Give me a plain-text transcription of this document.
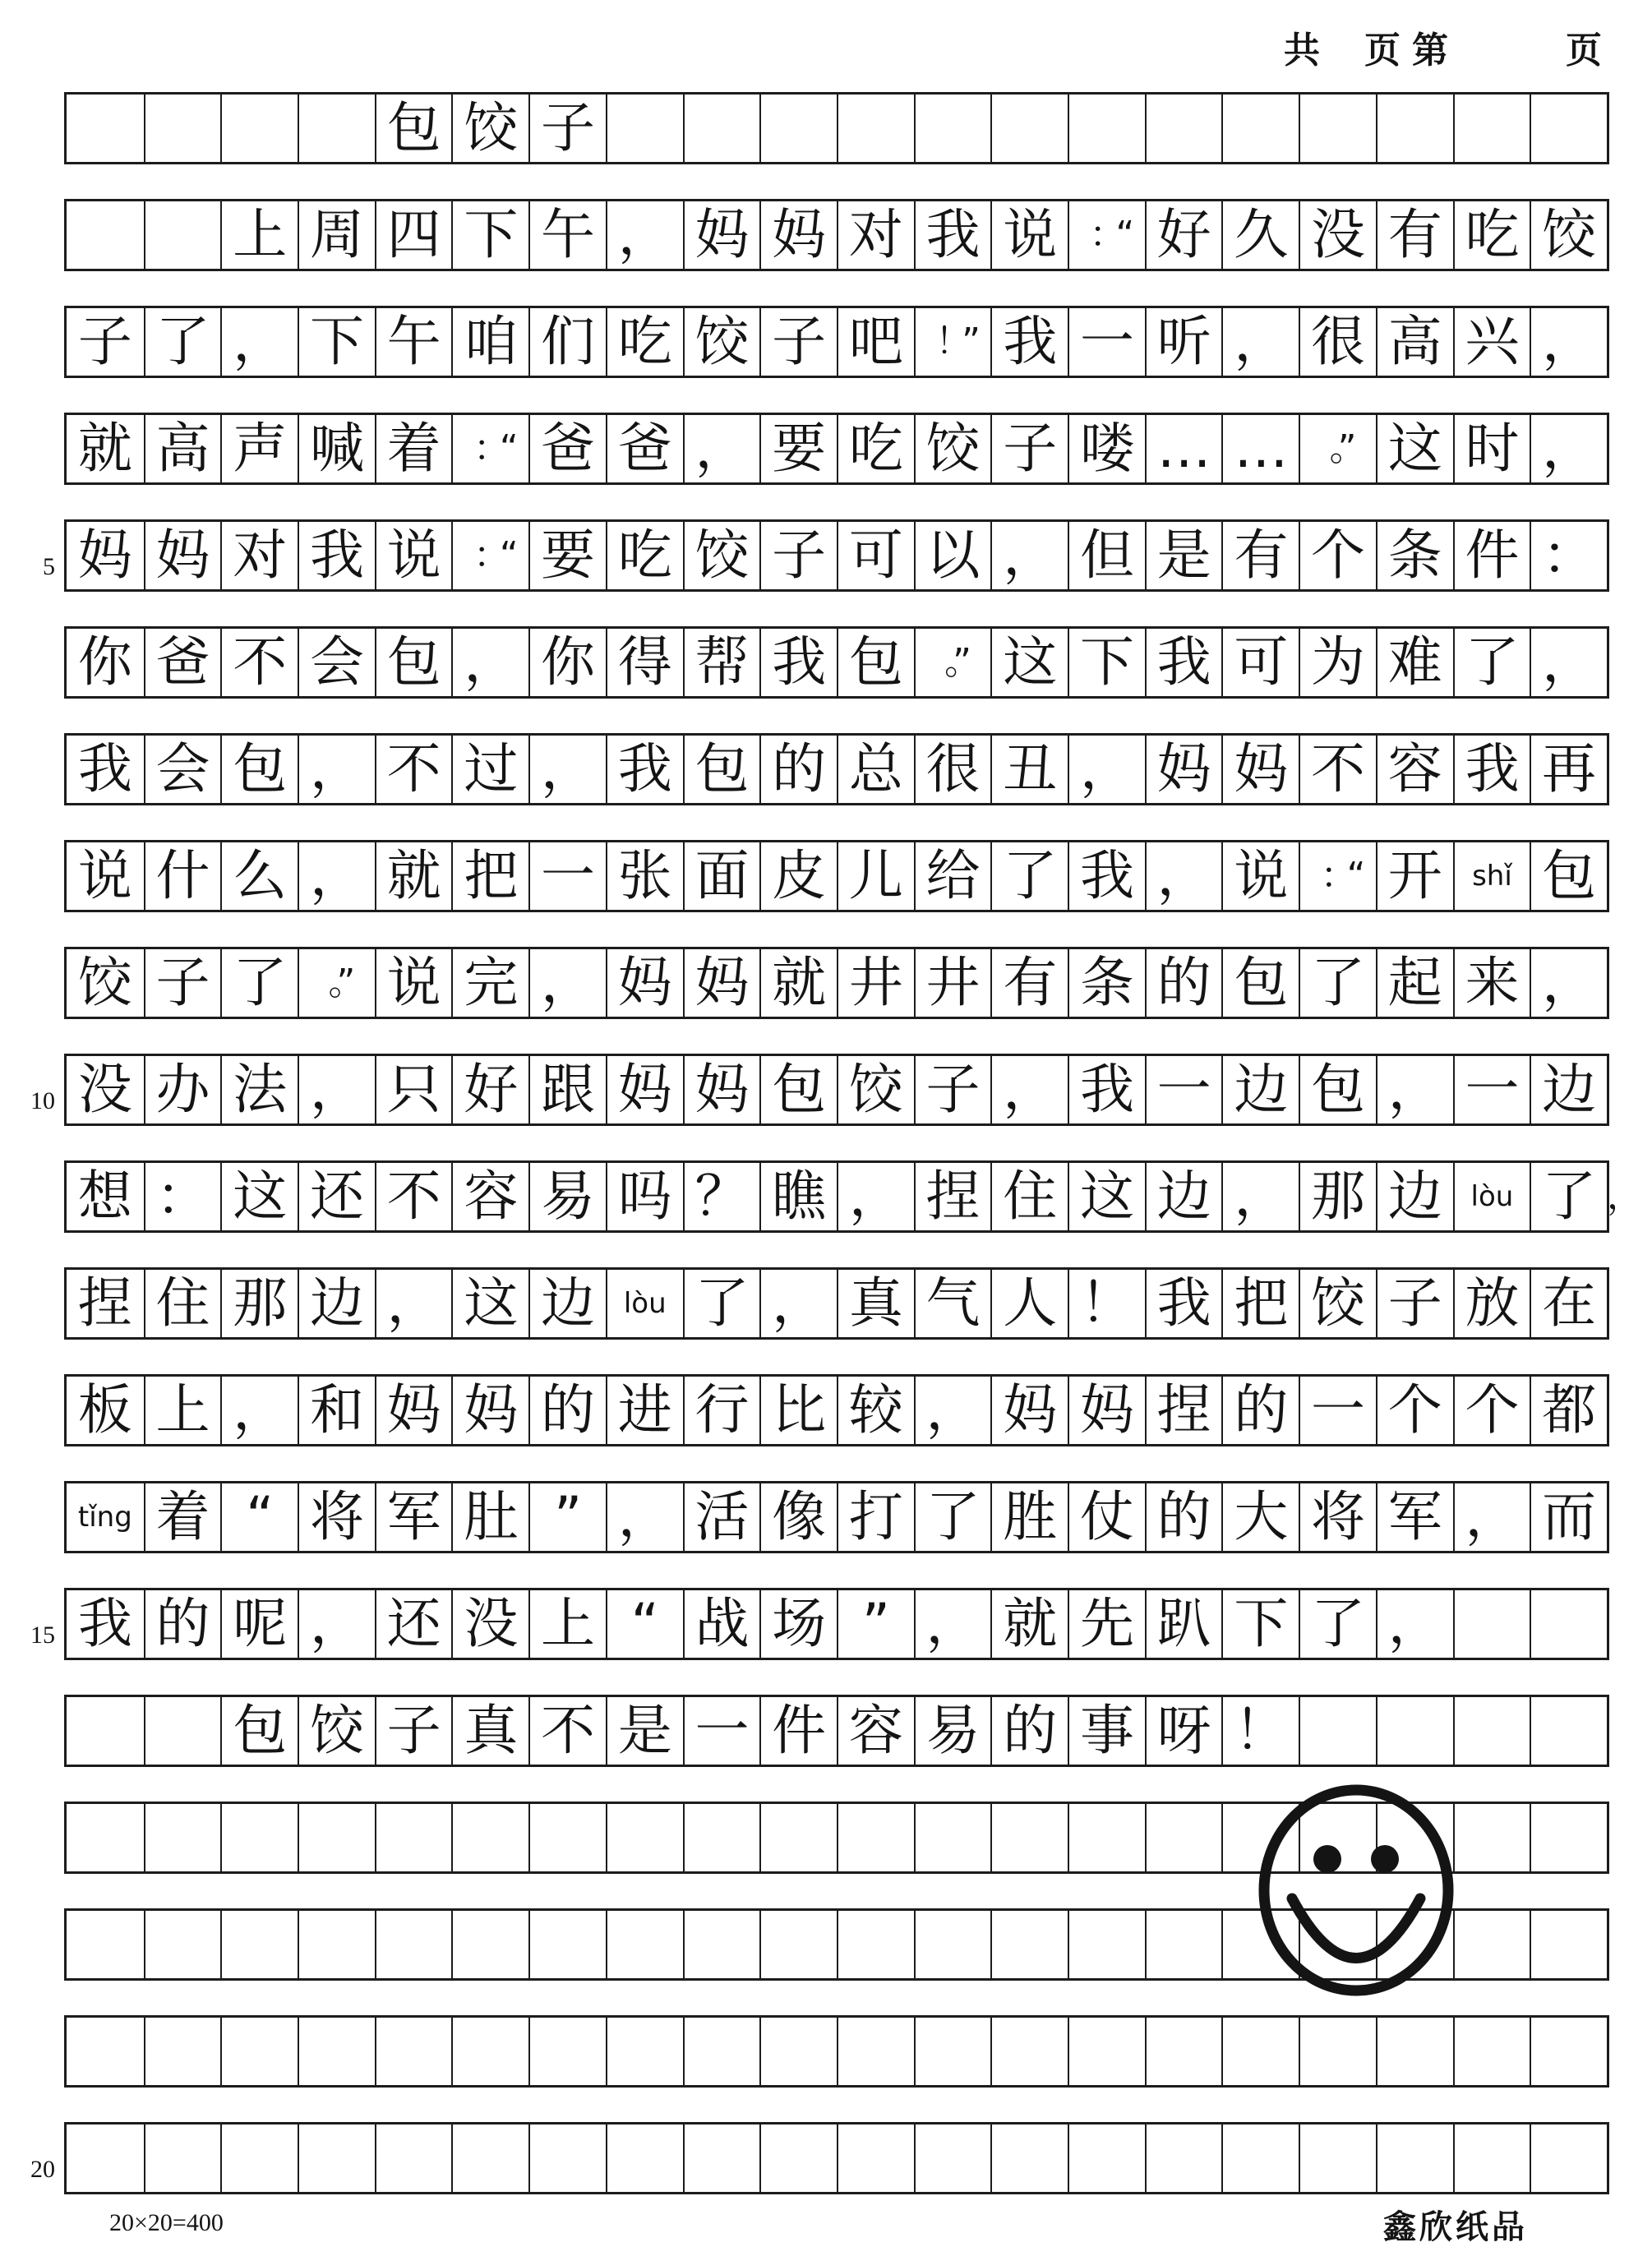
共 页第	页
包 饺 子
上 周 四 下 午 ， 妈 妈 对 我 说 ：“ 好 久 没 有 吃 饺
子 了 ， 下 午 咱 们 吃 饺 子 吧 ！” 我 一 听 ， 很 高 兴 ，
就 高 声 喊 着 ：“ 爸 爸 ， 要 吃 饺 子 喽 … …	。” 这 时 ，
5 妈 妈 对 我 说 ：“ 要 吃 饺 子 可 以 ， 但 是 有 个 条 件 ：
你 爸 不 会 包 ， 你 得 帮 我 包	。” 这 下 我 可 为 难 了 ，
我 会 包 ， 不 过 ， 我 包 的 总 很 丑 ， 妈 妈 不 容 我 再
说 什 么 ， 就 把 一 张 面 皮 儿 给 了 我 ， 说 ：“ 开	shǐ 包
饺 子 了	。” 说 完 ， 妈 妈 就 井 井 有 条 的 包 了 起 来 ，
10 没 办 法 ， 只 好 跟 妈 妈 包 饺 子 ， 我 一 边 包 ， 一 边
想 ： 这 还 不 容 易 吗 ？ 瞧 ， 捏 住 这 边 ， 那 边	lòu 了 ，
捏 住 那 边 ， 这 边	lòu 了 ， 真 气 人 ！ 我 把 饺 子 放 在
板 上 ， 和 妈 妈 的 进 行 比 较 ， 妈 妈 捏 的 一 个 个 都
tǐng 着 “ 将 军 肚 ” ， 活 像 打 了 胜 仗 的 大 将 军 ， 而
15 我 的 呢 ， 还 没 上 “ 战 场 ” ， 就 先 趴 下 了 ，
包 饺 子 真 不 是 一 件 容 易 的 事 呀 ！
20
20×20=400	鑫欣纸品
